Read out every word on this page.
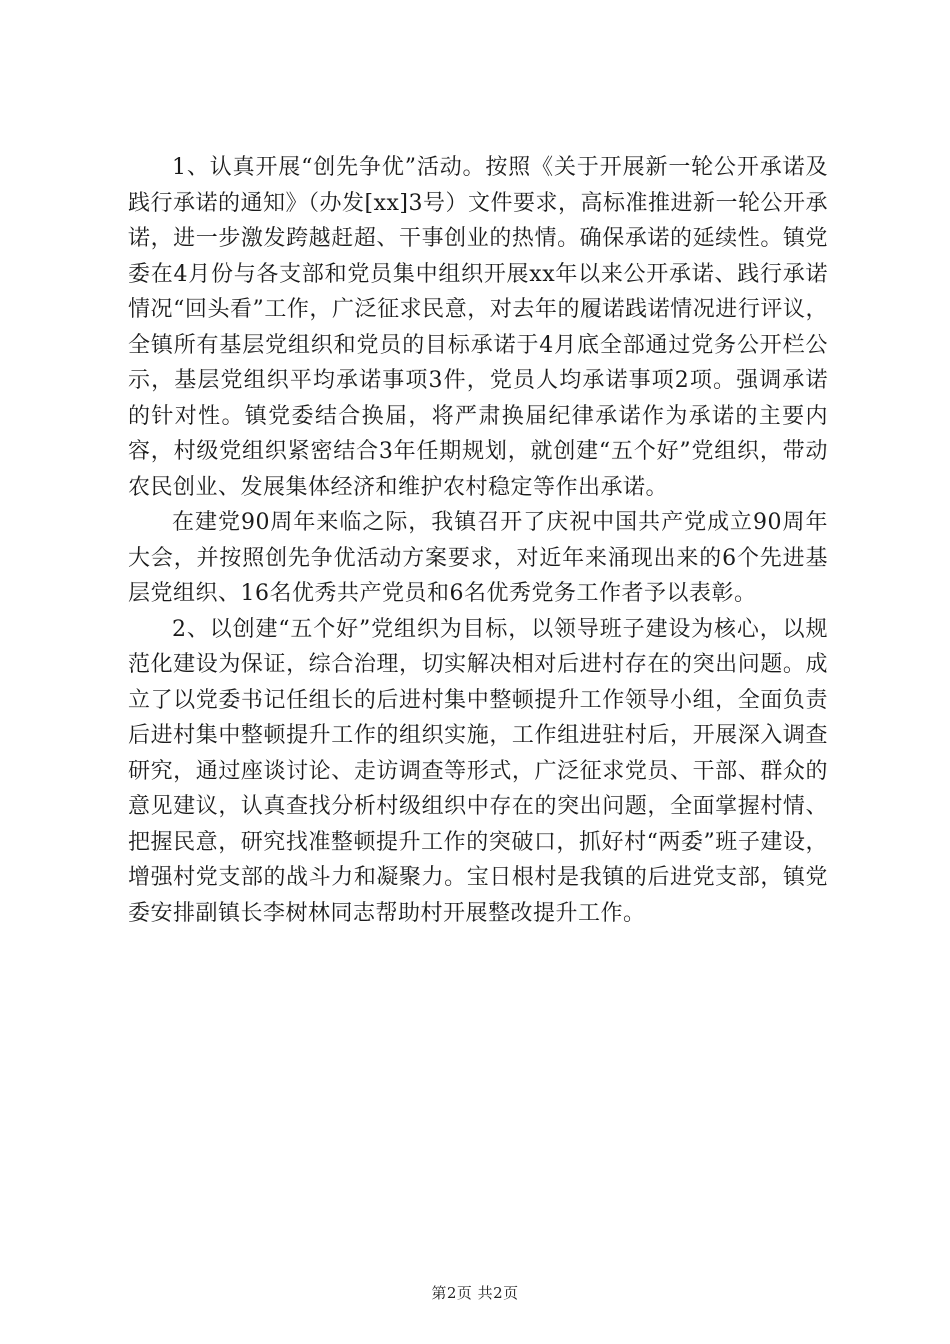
1、认真开展“创先争优”活动。按照《关于开展新一轮公开承诺及践行承诺的通知》（办发[xx]3号）文件要求，高标准推进新一轮公开承诺，进一步激发跨越赶超、干事创业的热情。确保承诺的延续性。镇党委在4月份与各支部和党员集中组织开展xx年以来公开承诺、践行承诺情况“回头看”工作，广泛征求民意，对去年的履诺践诺情况进行评议，全镇所有基层党组织和党员的目标承诺于4月底全部通过党务公开栏公示，基层党组织平均承诺事项3件，党员人均承诺事项2项。强调承诺的针对性。镇党委结合换届，将严肃换届纪律承诺作为承诺的主要内容，村级党组织紧密结合3年任期规划，就创建“五个好”党组织，带动农民创业、发展集体经济和维护农村稳定等作出承诺。

在建党90周年来临之际，我镇召开了庆祝中国共产党成立90周年大会，并按照创先争优活动方案要求，对近年来涌现出来的6个先进基层党组织、16名优秀共产党员和6名优秀党务工作者予以表彰。

2、以创建“五个好”党组织为目标，以领导班子建设为核心，以规范化建设为保证，综合治理，切实解决相对后进村存在的突出问题。成立了以党委书记任组长的后进村集中整顿提升工作领导小组，全面负责后进村集中整顿提升工作的组织实施，工作组进驻村后，开展深入调查研究，通过座谈讨论、走访调查等形式，广泛征求党员、干部、群众的意见建议，认真查找分析村级组织中存在的突出问题，全面掌握村情、把握民意，研究找准整顿提升工作的突破口，抓好村“两委”班子建设，增强村党支部的战斗力和凝聚力。宝日根村是我镇的后进党支部，镇党委安排副镇长李树林同志帮助村开展整改提升工作。

第2页 共2页
